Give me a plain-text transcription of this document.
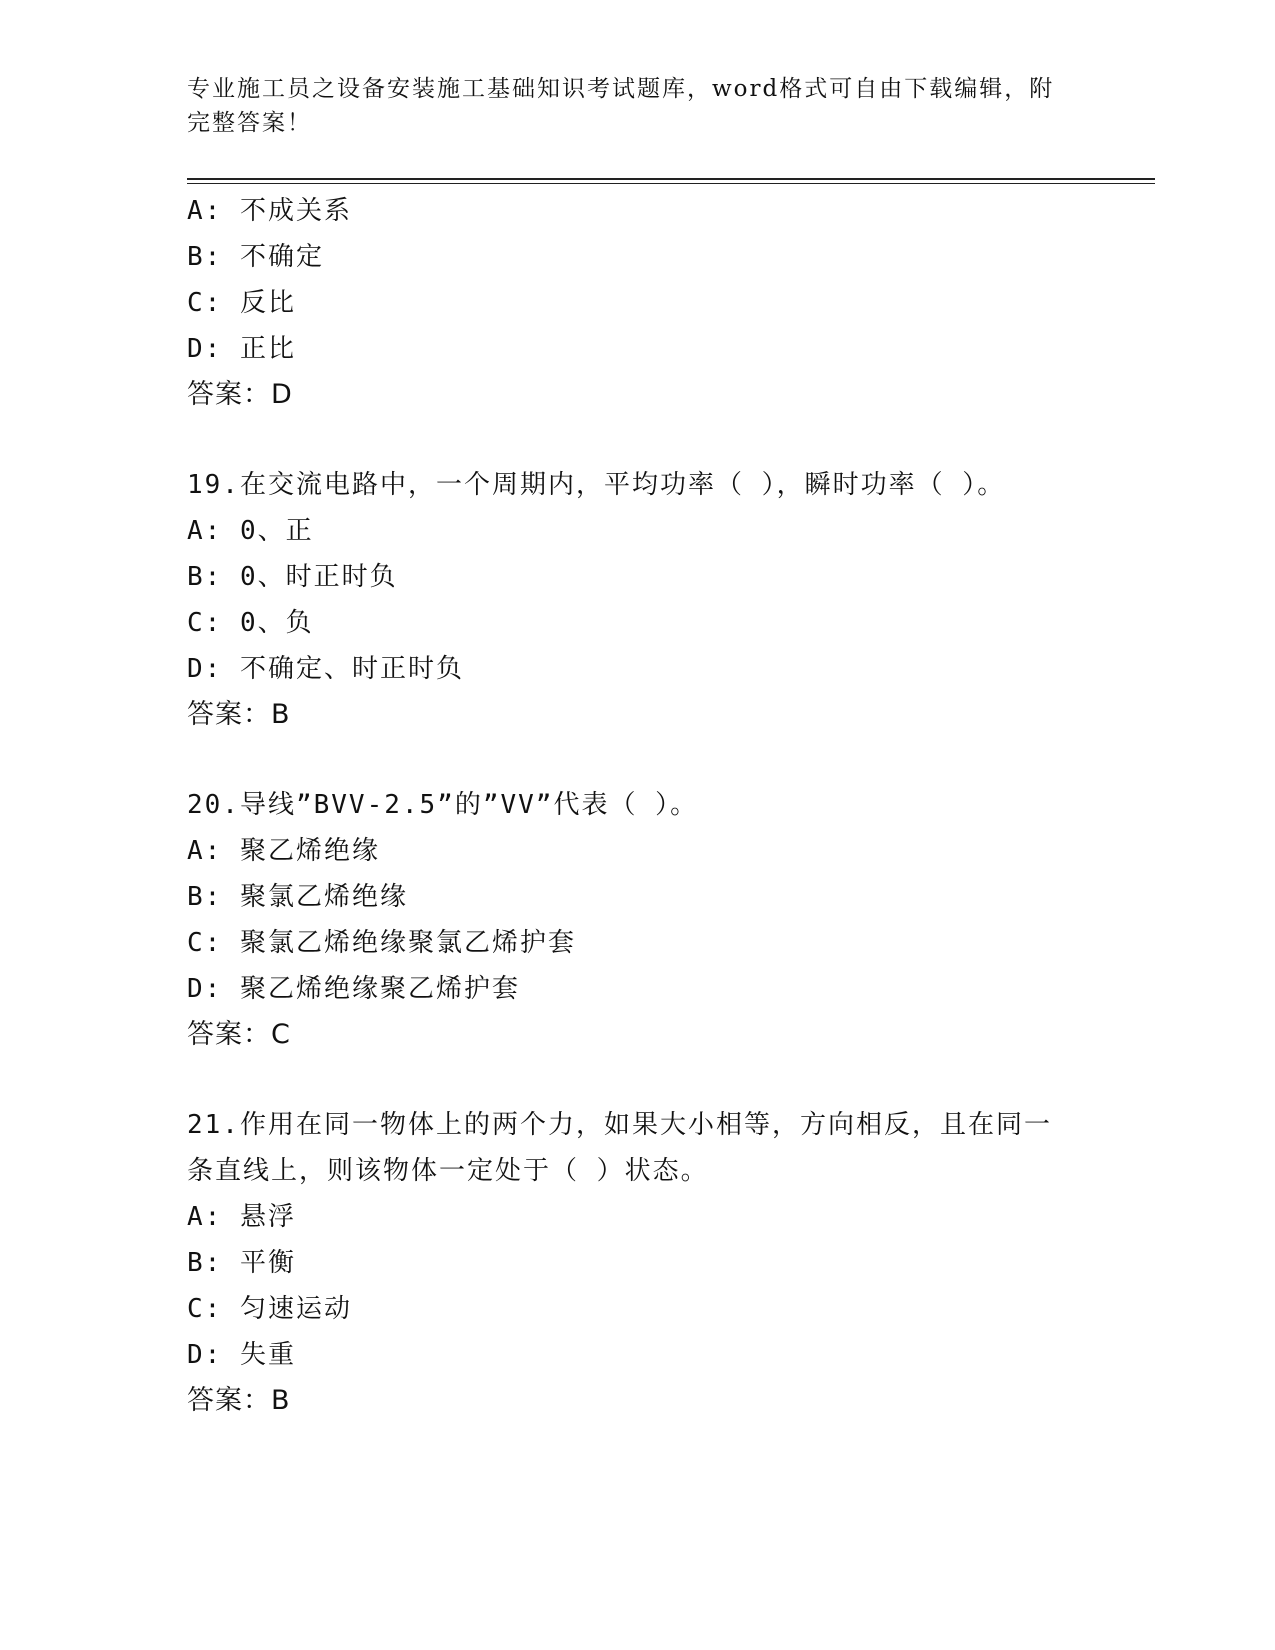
专业施工员之设备安装施工基础知识考试题库，word格式可自由下载编辑，附完整答案！
A: 不成关系
B: 不确定
C: 反比
D: 正比
答案：D
19.在交流电路中，一个周期内，平均功率（ ），瞬时功率（ ）。
A: 0、正
B: 0、时正时负
C: 0、负
D: 不确定、时正时负
答案：B
20.导线”BVV-2.5”的”VV”代表（ ）。
A: 聚乙烯绝缘
B: 聚氯乙烯绝缘
C: 聚氯乙烯绝缘聚氯乙烯护套
D: 聚乙烯绝缘聚乙烯护套
答案：C
21.作用在同一物体上的两个力，如果大小相等，方向相反，且在同一
条直线上，则该物体一定处于（ ）状态。
A: 悬浮
B: 平衡
C: 匀速运动
D: 失重
答案：B
